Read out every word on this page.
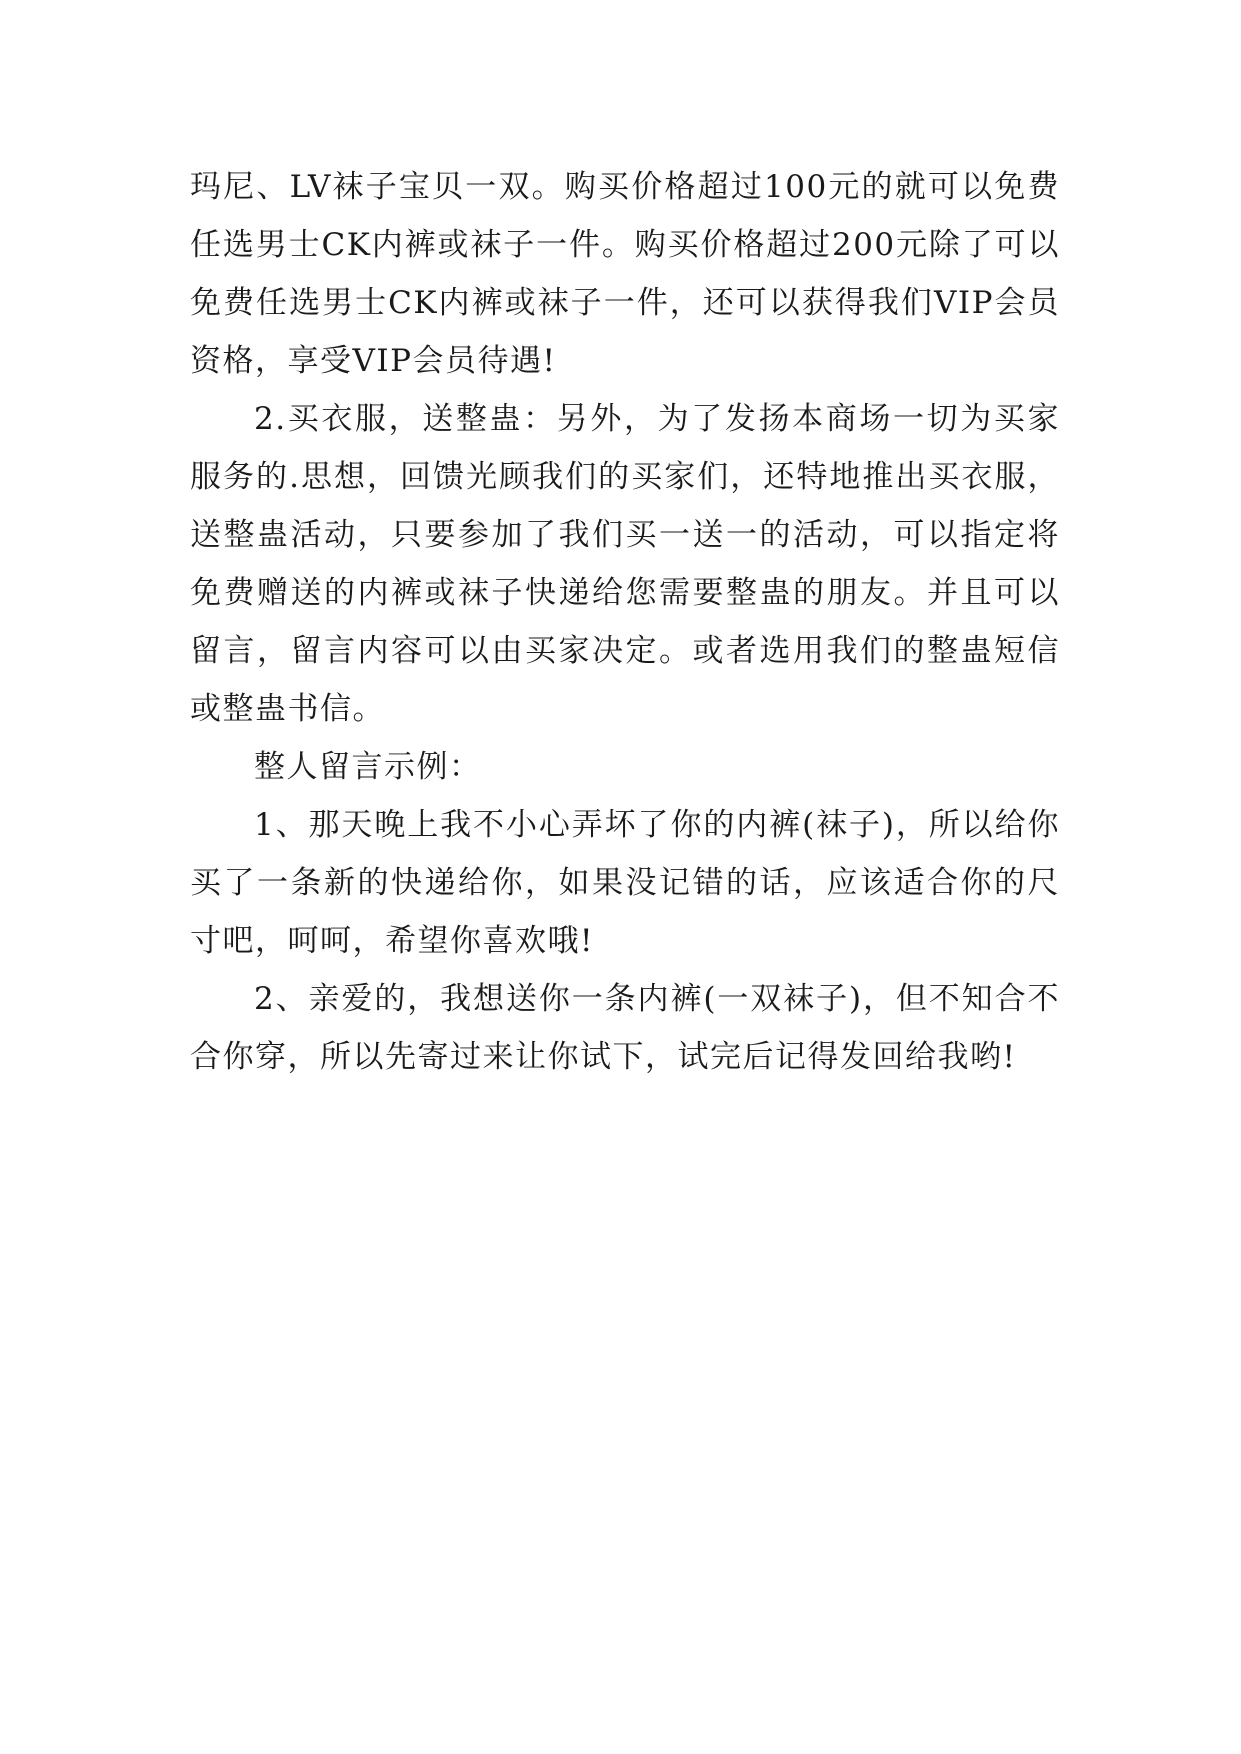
玛尼、LV袜子宝贝一双。购买价格超过100元的就可以免费任选男士CK内裤或袜子一件。购买价格超过200元除了可以免费任选男士CK内裤或袜子一件，还可以获得我们VIP会员资格，享受VIP会员待遇!

2.买衣服，送整蛊：另外，为了发扬本商场一切为买家服务的.思想，回馈光顾我们的买家们，还特地推出买衣服，送整蛊活动，只要参加了我们买一送一的活动，可以指定将免费赠送的内裤或袜子快递给您需要整蛊的朋友。并且可以留言，留言内容可以由买家决定。或者选用我们的整蛊短信或整蛊书信。

整人留言示例：

1、那天晚上我不小心弄坏了你的内裤(袜子)，所以给你买了一条新的快递给你，如果没记错的话，应该适合你的尺寸吧，呵呵，希望你喜欢哦!

2、亲爱的，我想送你一条内裤(一双袜子)，但不知合不合你穿，所以先寄过来让你试下，试完后记得发回给我哟!
